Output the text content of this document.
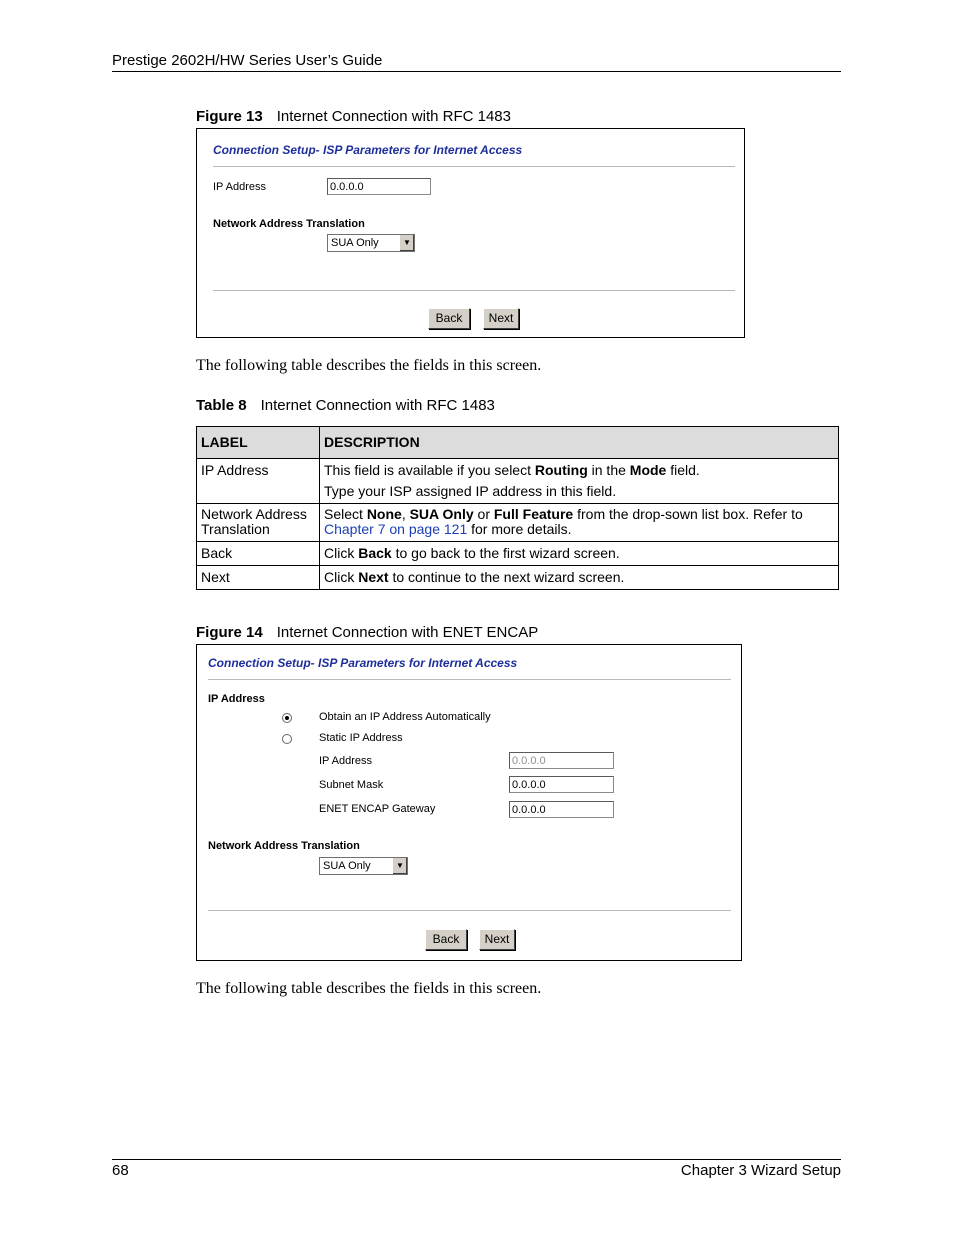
Prestige 2602H/HW Series User’s Guide
Figure 13 Internet Connection with RFC 1483
Connection Setup- ISP Parameters for Internet Access
IP Address	0.0.0.0
Network Address Translation
SUA Only	▼
Back	Next
The following table describes the fields in this screen.
Table 8 Internet Connection with RFC 1483
LABEL	DESCRIPTION
IP Address	This field is available if you select Routing in the Mode field.
Type your ISP assigned IP address in this field.

Network Address Translation	Select None, SUA Only or Full Feature from the drop-sown list box. Refer to Chapter 7 on page 121 for more details.
Back	Click Back to go back to the first wizard screen.
Next	Click Next to continue to the next wizard screen.
Figure 14 Internet Connection with ENET ENCAP
Connection Setup- ISP Parameters for Internet Access
IP Address
Obtain an IP Address Automatically
Static IP Address
IP Address	0.0.0.0
Subnet Mask	0.0.0.0
ENET ENCAP Gateway	0.0.0.0
Network Address Translation
SUA Only	▼
Back	Next
The following table describes the fields in this screen.
68	Chapter 3 Wizard Setup
